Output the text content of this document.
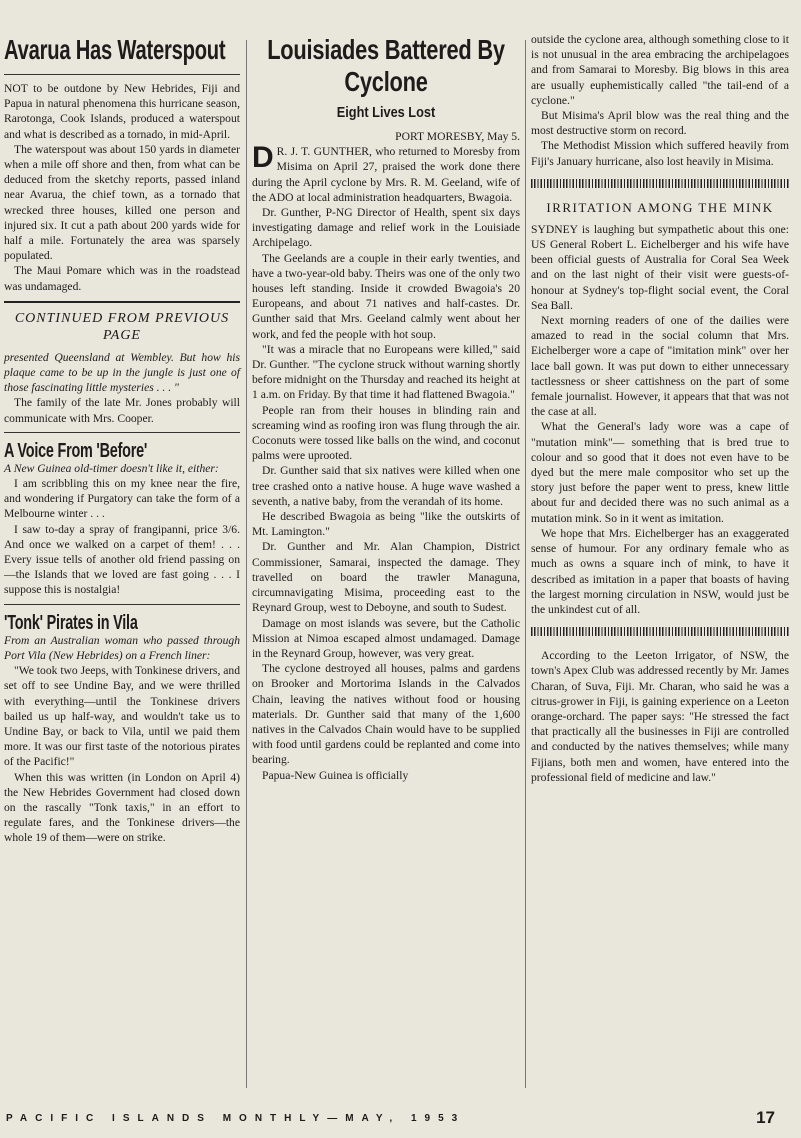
Avarua Has Waterspout

NOT to be outdone by New Hebrides, Fiji and Papua in natural phenomena this hurricane season, Rarotonga, Cook Islands, produced a waterspout and what is described as a tornado, in mid-April.

The waterspout was about 150 yards in diameter when a mile off shore and then, from what can be deduced from the sketchy reports, passed inland near Avarua, the chief town, as a tornado that wrecked three houses, killed one person and injured six. It cut a path about 200 yards wide for half a mile. Fortunately the area was sparsely populated.

The Maui Pomare which was in the roadstead was undamaged.

CONTINUED FROM PREVIOUS PAGE
presented Queensland at Wembley. But how his plaque came to be up in the jungle is just one of those fascinating little mysteries . . . "

The family of the late Mr. Jones probably will communicate with Mrs. Cooper.

A Voice From 'Before'
A New Guinea old-timer doesn't like it, either:

I am scribbling this on my knee near the fire, and wondering if Purgatory can take the form of a Melbourne winter . . .

I saw to-day a spray of frangipanni, price 3/6. And once we walked on a carpet of them! . . . Every issue tells of another old friend passing on—the Islands that we loved are fast going . . . I suppose this is nostalgia!

'Tonk' Pirates in Vila
From an Australian woman who passed through Port Vila (New Hebrides) on a French liner:

"We took two Jeeps, with Tonkinese drivers, and set off to see Undine Bay, and we were thrilled with everything—until the Tonkinese drivers bailed us up half-way, and wouldn't take us to Undine Bay, or back to Vila, until we paid them more. It was our first taste of the notorious pirates of the Pacific!"

When this was written (in London on April 4) the New Hebrides Government had closed down on the rascally "Tonk taxis," in an effort to regulate fares, and the Tonkinese drivers—the whole 19 of them—were on strike.

Louisiades Battered By Cyclone
Eight Lives Lost

PORT MORESBY, May 5.

D R. J. T. GUNTHER, who returned to Moresby from Misima on April 27, praised the work done there during the April cyclone by Mrs. R. M. Geeland, wife of the ADO at local administration headquarters, Bwagoia.

Dr. Gunther, P-NG Director of Health, spent six days investigating damage and relief work in the Louisiade Archipelago.

The Geelands are a couple in their early twenties, and have a two-year-old baby. Theirs was one of the only two houses left standing. Inside it crowded Bwagoia's 20 Europeans, and about 71 natives and half-castes. Dr. Gunther said that Mrs. Geeland calmly went about her work, and fed the people with hot soup.

"It was a miracle that no Europeans were killed," said Dr. Gunther. "The cyclone struck without warning shortly before midnight on the Thursday and reached its height at 1 a.m. on Friday. By that time it had flattened Bwagoia."

People ran from their houses in blinding rain and screaming wind as roofing iron was flung through the air. Coconuts were tossed like balls on the wind, and coconut palms were uprooted.

Dr. Gunther said that six natives were killed when one tree crashed onto a native house. A huge wave washed a seventh, a native baby, from the verandah of its home.

He described Bwagoia as being "like the outskirts of Mt. Lamington."

Dr. Gunther and Mr. Alan Champion, District Commissioner, Samarai, inspected the damage. They travelled on board the trawler Managuna, circumnavigating Misima, proceeding east to the Reynard Group, west to Deboyne, and south to Sudest.

Damage on most islands was severe, but the Catholic Mission at Nimoa escaped almost undamaged. Damage in the Reynard Group, however, was very great.

The cyclone destroyed all houses, palms and gardens on Brooker and Mortorima Islands in the Calvados Chain, leaving the natives without food or housing materials. Dr. Gunther said that many of the 1,600 natives in the Calvados Chain would have to be supplied with food until gardens could be replanted and come into bearing.

Papua-New Guinea is officially

outside the cyclone area, although something close to it is not unusual in the area embracing the archipelagoes and from Samarai to Moresby. Big blows in this area are usually euphemistically called "the tail-end of a cyclone."

But Misima's April blow was the real thing and the most destructive storm on record.

The Methodist Mission which suffered heavily from Fiji's January hurricane, also lost heavily in Misima.

IRRITATION AMONG THE MINK

SYDNEY is laughing but sympathetic about this one: US General Robert L. Eichelberger and his wife have been official guests of Australia for Coral Sea Week and on the last night of their visit were guests-of-honour at Sydney's top-flight social event, the Coral Sea Ball.

Next morning readers of one of the dailies were amazed to read in the social column that Mrs. Eichelberger wore a cape of "imitation mink" over her lace ball gown. It was put down to either unnecessary tactlessness or sheer cattishness on the part of some female journalist. However, it appears that that was not the case at all.

What the General's lady wore was a cape of "mutation mink"— something that is bred true to colour and so good that it does not even have to be dyed but the mere male compositor who set up the story just before the paper went to press, knew little about fur and decided there was no such animal as a mutation mink. So in it went as imitation.

We hope that Mrs. Eichelberger has an exaggerated sense of humour. For any ordinary female who as much as owns a square inch of mink, to have it described as imitation in a paper that boasts of having the largest morning circulation in NSW, would just be the unkindest cut of all.

According to the Leeton Irrigator, of NSW, the town's Apex Club was addressed recently by Mr. James Charan, of Suva, Fiji. Mr. Charan, who said he was a citrus-grower in Fiji, is gaining experience on a Leeton orange-orchard. The paper says: "He stressed the fact that practically all the businesses in Fiji are controlled and conducted by the natives themselves; while many Fijians, both men and women, have entered into the professional field of medicine and law."

PACIFIC ISLANDS MONTHLY—MAY, 1953	17
